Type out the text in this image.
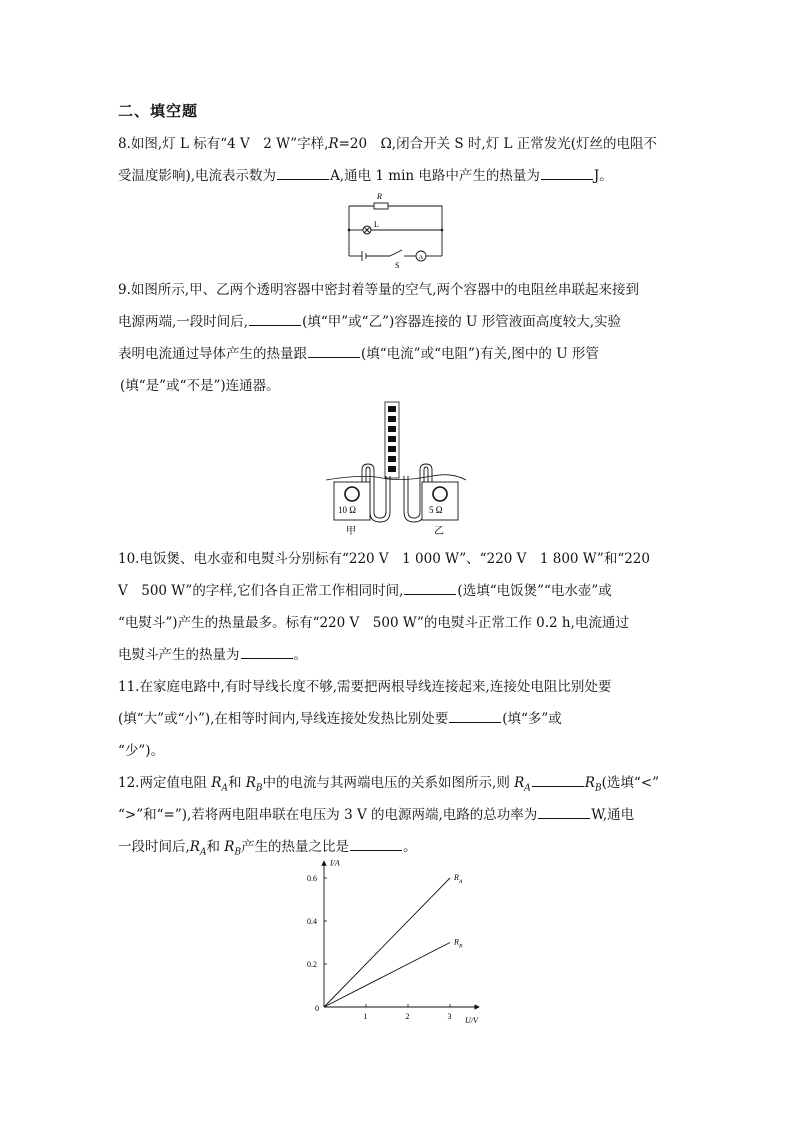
二、填空题
8.如图,灯 L 标有“4 V　2 W”字样,R=20　Ω,闭合开关 S 时,灯 L 正常发光(灯丝的电阻不
受温度影响),电流表示数为	A,通电 1 min 电路中产生的热量为	J。
R
L
S
A
9.如图所示,甲、乙两个透明容器中密封着等量的空气,两个容器中的电阻丝串联起来接到
电源两端,一段时间后,	(填“甲”或“乙”)容器连接的 U 形管液面高度较大,实验
表明电流通过导体产生的热量跟	(填“电流”或“电阻”)有关,图中的 U 形管
(填“是”或“不是”)连通器。
10 Ω	5 Ω
甲	乙
10.电饭煲、电水壶和电熨斗分别标有“220 V　1 000 W”、“220 V　1 800 W”和“220
V　500 W”的字样,它们各自正常工作相同时间,	(选填“电饭煲”“电水壶”或
“电熨斗”)产生的热量最多。标有“220 V　500 W”的电熨斗正常工作 0.2 h,电流通过
电熨斗产生的热量为	。
11.在家庭电路中,有时导线长度不够,需要把两根导线连接起来,连接处电阻比别处要
(填“大”或“小”),在相等时间内,导线连接处发热比别处要	(填“多”或
“少”)。
12.两定值电阻 $R_A$和 $R_B$中的电流与其两端电压的关系如图所示,则 $R_A$	$R_B$(选填“<”
“>”和“=”),若将两电阻串联在电压为 3 V 的电源两端,电路的总功率为	W,通电
一段时间后$,R_A$和 $R_B$产生的热量之比是	。
I/A
U/V
0
1	2	3
0.2
0.4
0.6	R A
R B
